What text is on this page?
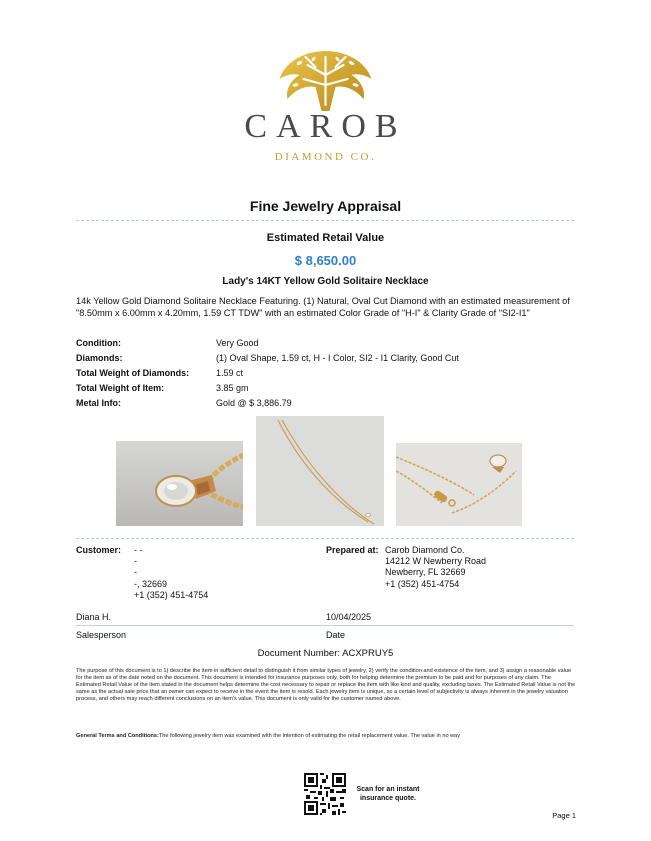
CAROB
DIAMOND CO.
Fine Jewelry Appraisal
Estimated Retail Value
$ 8,650.00
Lady's 14KT Yellow Gold Solitaire Necklace
14k Yellow Gold Diamond Solitaire Necklace Featuring. (1) Natural, Oval Cut Diamond with an estimated measurement of "8.50mm x 6.00mm x 4.20mm, 1.59 CT TDW" with an estimated Color Grade of "H-I" & Clarity Grade of "SI2-I1"
Condition:	Very Good
Diamonds:	(1) Oval Shape, 1.59 ct, H - I Color, SI2 - I1 Clarity, Good Cut
Total Weight of Diamonds:	1.59 ct
Total Weight of Item:	3.85 gm
Metal Info:	Gold @ $ 3,886.79
Customer: - -
-
-
-, 32669
+1 (352) 451-4754
Prepared at: Carob Diamond Co.
14212 W Newberry Road
Newberry, FL 32669
+1 (352) 451-4754
Diana H.	10/04/2025
Salesperson	Date
Document Number: ACXPRUY5
The purpose of this document is to 1) describe the item in sufficient detail to distinguish it from similar types of jewelry, 2) verify the condition and existence of the item, and 3) assign a reasonable value for the item as of the date noted on the document. This document is intended for insurance purposes only, both for helping determine the premium to be paid and for purposes of any claim. The Estimated Retail Value of the item stated in the document helps determine the cost necessary to repair or replace the item with like kind and quality, excluding taxes. The Estimated Retail Value is not the same as the actual sale price that an owner can expect to receive in the event the item is resold. Each jewelry item is unique, so a certain level of subjectivity is always inherent in the jewelry valuation process, and others may reach different conclusions on an item's value. This document is only valid for the customer named above.
General Terms and Conditions:The following jewelry item was examined with the intention of estimating the retail replacement value. The value in no way
Scan for an instant
insurance quote.
Page 1
